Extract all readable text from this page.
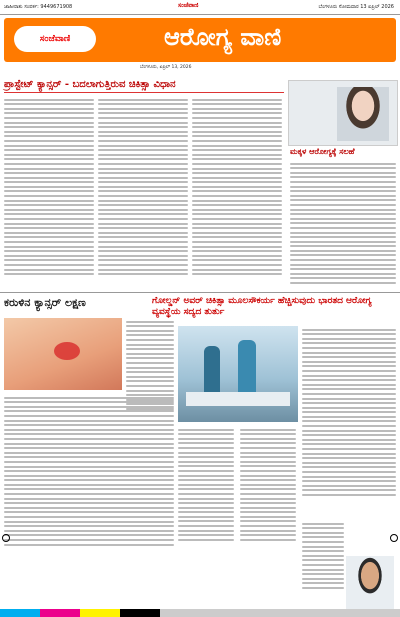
ಜಾಹೀರಾತು ಸಂಪರ್ಕ: 9449671908	ಸಂಜೆವಾಣಿ	ಬೆಂಗಳೂರು ಸೋಮವಾರ 13 ಏಪ್ರಿಲ್ 2026
ಸಂಜೆವಾಣಿ	ಆರೋಗ್ಯ ವಾಣಿ
ಬೆಂಗಳೂರು, ಏಪ್ರಿಲ್ 13, 2026
ಪ್ರಾಸ್ಟೇಟ್ ಕ್ಯಾನ್ಸರ್ - ಬದಲಾಗುತ್ತಿರುವ ಚಿಕಿತ್ಸಾ ವಿಧಾನ
ಮಕ್ಕಳ ಆರೋಗ್ಯಕ್ಕೆ ಸಲಹೆ
ಕರುಳಿನ ಕ್ಯಾನ್ಸರ್ ಲಕ್ಷಣ	ಗೋಲ್ಡನ್ ಅವರ್ ಚಿಕಿತ್ಸಾ ಮೂಲಸೌಕರ್ಯ ಹೆಚ್ಚಿಸುವುದು ಭಾರತದ ಆರೋಗ್ಯ ವ್ಯವಸ್ಥೆಯ ಸದ್ಯದ ತುರ್ತು
